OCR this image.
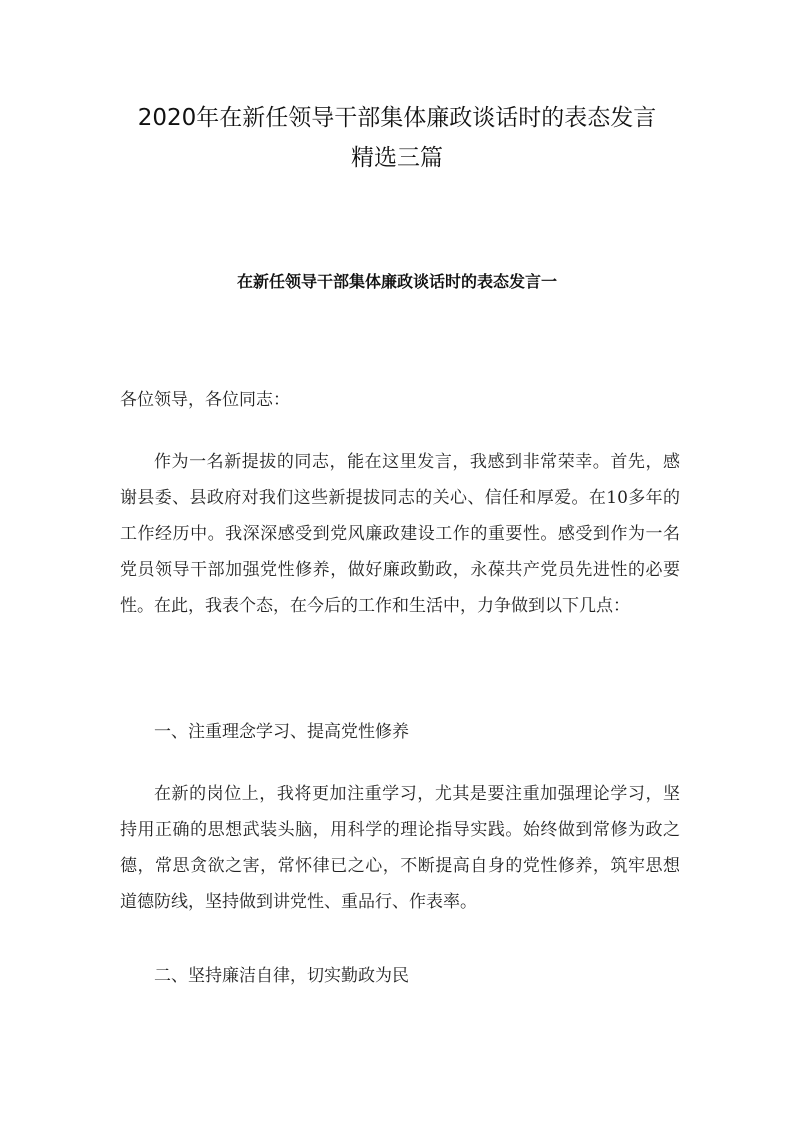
2020年在新任领导干部集体廉政谈话时的表态发言
精选三篇
在新任领导干部集体廉政谈话时的表态发言一
各位领导，各位同志：
作为一名新提拔的同志，能在这里发言，我感到非常荣幸。首先，感谢县委、县政府对我们这些新提拔同志的关心、信任和厚爱。在10多年的工作经历中。我深深感受到党风廉政建设工作的重要性。感受到作为一名党员领导干部加强党性修养，做好廉政勤政，永葆共产党员先进性的必要性。在此，我表个态，在今后的工作和生活中，力争做到以下几点：
一、注重理念学习、提高党性修养
在新的岗位上，我将更加注重学习，尤其是要注重加强理论学习，坚持用正确的思想武装头脑，用科学的理论指导实践。始终做到常修为政之德，常思贪欲之害，常怀律已之心，不断提高自身的党性修养，筑牢思想道德防线，坚持做到讲党性、重品行、作表率。
二、坚持廉洁自律，切实勤政为民
